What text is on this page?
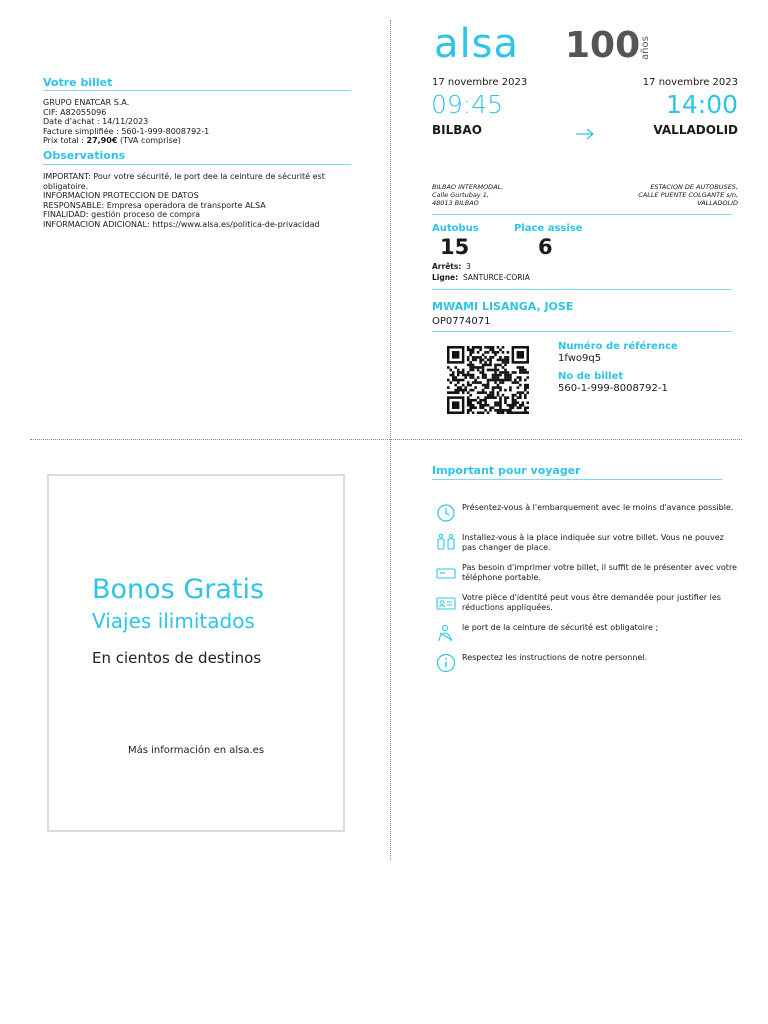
Votre billet
GRUPO ENATCAR S.A.
CIF: A82055096
Date d'achat : 14/11/2023
Facture simplifiée : 560-1-999-8008792-1
Prix total : 27,90€ (TVA comprise)
Observations
IMPORTANT: Pour votre sécurité, le port dee la ceinture de sécurité est
obligatoire.
INFORMACION PROTECCION DE DATOS
RESPONSABLE: Empresa operadora de transporte ALSA
FINALIDAD: gestión proceso de compra
INFORMACION ADICIONAL: https://www.alsa.es/politica-de-privacidad
alsa 100 años
17 novembre 2023	17 novembre 2023
09:45	14:00
BILBAO	VALLADOLID
BILBAO INTERMODAL,
Calle Gurtubay 1,
48013 BILBAO
ESTACION DE AUTOBUSES,
CALLE PUENTE COLGANTE s/n,
VALLADOLID
Autobus	Place assise
15	6
Arrêts: 3
Ligne: SANTURCE-CORIA
MWAMI LISANGA, JOSE
OP0774071
Numéro de référence
1fwo9q5
No de billet
560-1-999-8008792-1
Bonos Gratis
Viajes ilimitados
En cientos de destinos
Más información en alsa.es
Important pour voyager
Présentez-vous à l'embarquement avec le moins d'avance possible.
Installez-vous à la place indiquée sur votre billet. Vous ne pouvez pas changer de place.
Pas besoin d'imprimer votre billet, il suffit de le présenter avec votre téléphone portable.
Votre pièce d'identité peut vous être demandée pour justifier les réductions appliquées.
le port de la ceinture de sécurité est obligatoire ;
Respectez les instructions de notre personnel.
